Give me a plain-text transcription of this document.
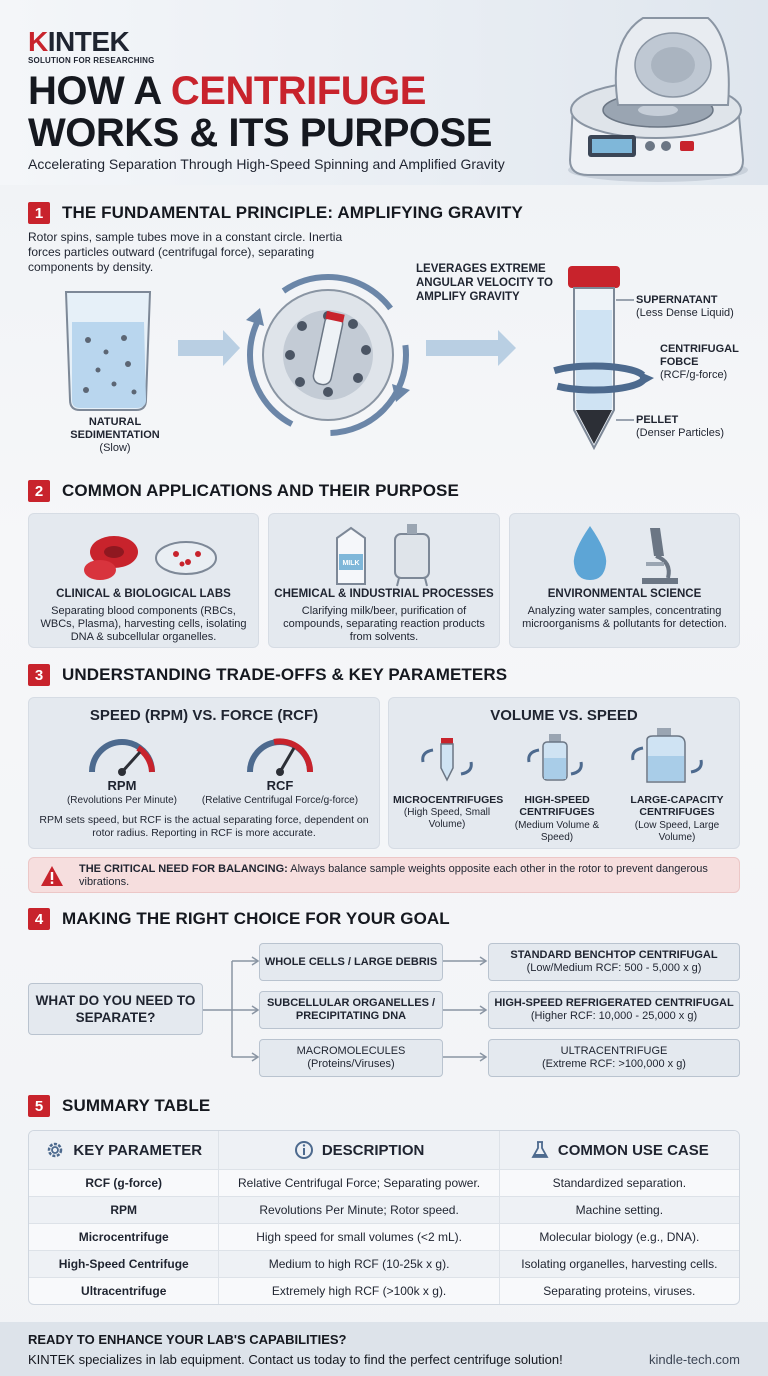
KINTEK
SOLUTION FOR RESEARCHING
HOW A CENTRIFUGE
WORKS & ITS PURPOSE
Accelerating Separation Through High-Speed Spinning and Amplified Gravity
1	THE FUNDAMENTAL PRINCIPLE: AMPLIFYING GRAVITY
Rotor spins, sample tubes move in a constant circle. Inertia forces particles outward (centrifugal force), separating components by density.
NATURAL SEDIMENTATION
(Slow)
LEVERAGES EXTREME ANGULAR VELOCITY TO AMPLIFY GRAVITY	SUPERNATANT
(Less Dense Liquid)
CENTRIFUGAL FOBCE
(RCF/g-force)
PELLET
(Denser Particles)
2	COMMON APPLICATIONS AND THEIR PURPOSE
CLINICAL & BIOLOGICAL LABS
Separating blood components (RBCs, WBCs, Plasma), harvesting cells, isolating DNA & subcellular organelles.
MILK
CHEMICAL & INDUSTRIAL PROCESSES
Clarifying milk/beer, purification of compounds, separating reaction products from solvents.
ENVIRONMENTAL SCIENCE
Analyzing water samples, concentrating microorganisms & pollutants for detection.
3	UNDERSTANDING TRADE-OFFS & KEY PARAMETERS
SPEED (RPM) VS. FORCE (RCF)
RPM
(Revolutions Per Minute)
RCF
(Relative Centrifugal Force/g-force)
RPM sets speed, but RCF is the actual separating force, dependent on rotor radius. Reporting in RCF is more accurate.
VOLUME VS. SPEED
MICROCENTRIFUGES
(High Speed, Small Volume)
HIGH-SPEED CENTRIFUGES
(Medium Volume & Speed)
LARGE-CAPACITY CENTRIFUGES
(Low Speed, Large Volume)
THE CRITICAL NEED FOR BALANCING: Always balance sample weights opposite each other in the rotor to prevent dangerous vibrations.
4	MAKING THE RIGHT CHOICE FOR YOUR GOAL
WHAT DO YOU NEED TO SEPARATE?
WHOLE CELLS / LARGE DEBRIS
SUBCELLULAR ORGANELLES / PRECIPITATING DNA
MACROMOLECULES
(Proteins/Viruses)
STANDARD BENCHTOP CENTRIFUGAL
(Low/Medium RCF: 500 - 5,000 x g)
HIGH-SPEED REFRIGERATED CENTRIFUGAL
(Higher RCF: 10,000 - 25,000 x g)
ULTRACENTRIFUGE
(Extreme RCF: >100,000 x g)
5	SUMMARY TABLE
KEY PARAMETER	DESCRIPTION	COMMON USE CASE
RCF (g-force)	Relative Centrifugal Force; Separating power.	Standardized separation.
RPM	Revolutions Per Minute; Rotor speed.	Machine setting.
Microcentrifuge	High speed for small volumes (<2 mL).	Molecular biology (e.g., DNA).
High-Speed Centrifuge	Medium to high RCF (10-25k x g).	Isolating organelles, harvesting cells.
Ultracentrifuge	Extremely high RCF (>100k x g).	Separating proteins, viruses.
READY TO ENHANCE YOUR LAB'S CAPABILITIES?
KINTEK specializes in lab equipment. Contact us today to find the perfect centrifuge solution!	kindle-tech.com
